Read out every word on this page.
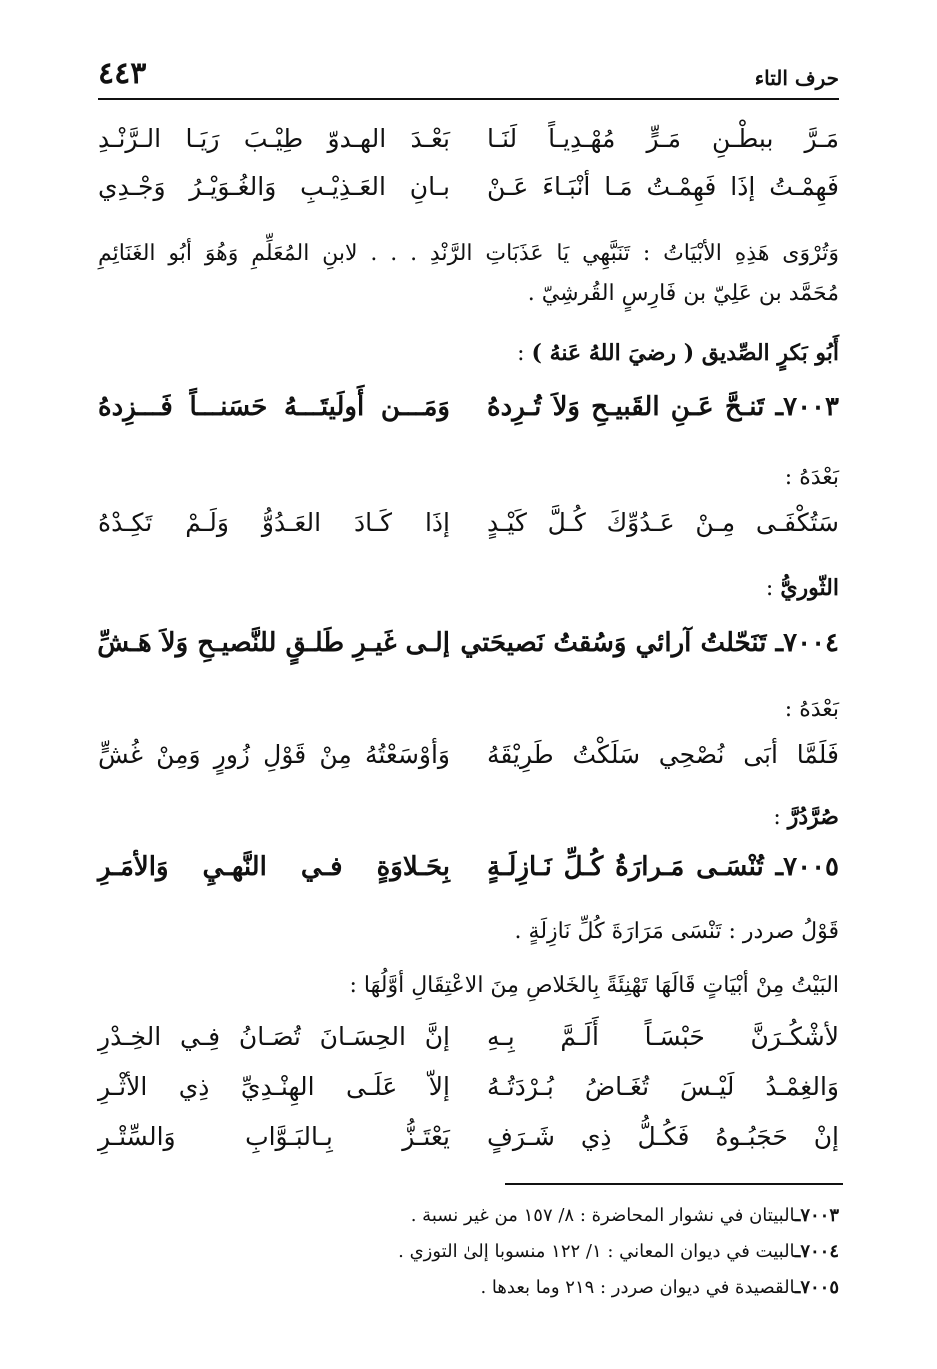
٤٤٣	حرف التاء
مَـرَّ ببطْـنِ مَـرٍّ مُهْـدِيـاً لَنَـا
بَعْـدَ الهـدوّ طِيْـبَ رَيَـا الـرَّنْـدِ
فَهِمْـتُ إذَا فَهِمْـتُ مَـا أنْبَـاءَ عَـنْ
بـانِ العَـذِيْـبِ وَالغُـوَيْـرُ وَجْـدِي
وَتُرْوَى هَذِهِ الأبْيَاتُ : تَنَبَّهِي يَا عَذَبَاتِ الرَّنْدِ . . . لابنِ المُعَلِّمِ وَهُوَ أبُو الغَنَائِمِ
مُحَمَّد بن عَلِيّ بن فَارِسٍ القُرشِيّ .
أَبُو بَكرٍ الصِّديق ( رضيَ اللهُ عَنهُ ) :
٧٠٠٣ـ تَنـحَّ عَـنِ القَبيـحِ وَلاَ تُـرِدهُ
وَمَـــن أَولَيتَـــهُ حَسَنـــاً فَـــزِدهُ
بَعْدَهُ :
سَتُكْفَـى مِـنْ عَـدُوِّكَ كُـلَّ كَيْـدٍ
إذَا كَـادَ العَـدُوُّ وَلَـمْ تَكِـدْهُ
الثّوريُّ :
٧٠٠٤ـ تَنَحّلتُ آرائي وَسُقتُ نَصيحَتي
إلـى غَيـرِ طَلـقٍ للنَّصيـحِ وَلاَ هَـشِّ
بَعْدَهُ :
فَلَمَّا أبَى نُصْحِي سَلَكْتُ طَرِيْقَهُ
وَأوْسَعْتُهُ مِنْ قَوْلِ زُورٍ وَمِنْ غُشٍّ
صُرَّدُرَّ :
٧٠٠٥ـ تُنْسَـى مَـرارَةُ كُـلِّ نَـازِلَـةٍ
بِحَـلاوَةٍ فـي النَّهـيِ وَالأمَـرِ
قَوْلُ صردر : تَنْسَى مَرَارَةَ كُلِّ نَازِلَةٍ .
البَيْتُ مِنْ أبْيَاتٍ قَالَهَا تَهْنِئَةً بِالخَلاصِ مِنَ الاعْتِقَالِ أوَّلُهَا :
لأشْكُـرَنَّ حَبْسَـاً أَلَـمَّ بِـهِ
إنَّ الحِسَـانَ تُصَـانُ فِـي الخِـدْرِ
وَالغِمْـدُ لَيْـسَ تُغَـاضُ بُـرْدَتُـهُ
إلاّ عَلَـى الهِنْـدِيِّ ذِي الأثْـرِ
إنْ حَجَبُـوهُ فَكُـلُّ ذِي شَـرَفٍ
يَعْتَـزُّ بِـالبَـوَّابِ وَالسِّتْـرِ
٧٠٠٣ـالبيتان في نشوار المحاضرة : ٨/ ١٥٧ من غير نسبة .
٧٠٠٤ـالبيت في ديوان المعاني : ١/ ١٢٢ منسوبا إلىٰ التوزي .
٧٠٠٥ـالقصيدة في ديوان صردر : ٢١٩ وما بعدها .
